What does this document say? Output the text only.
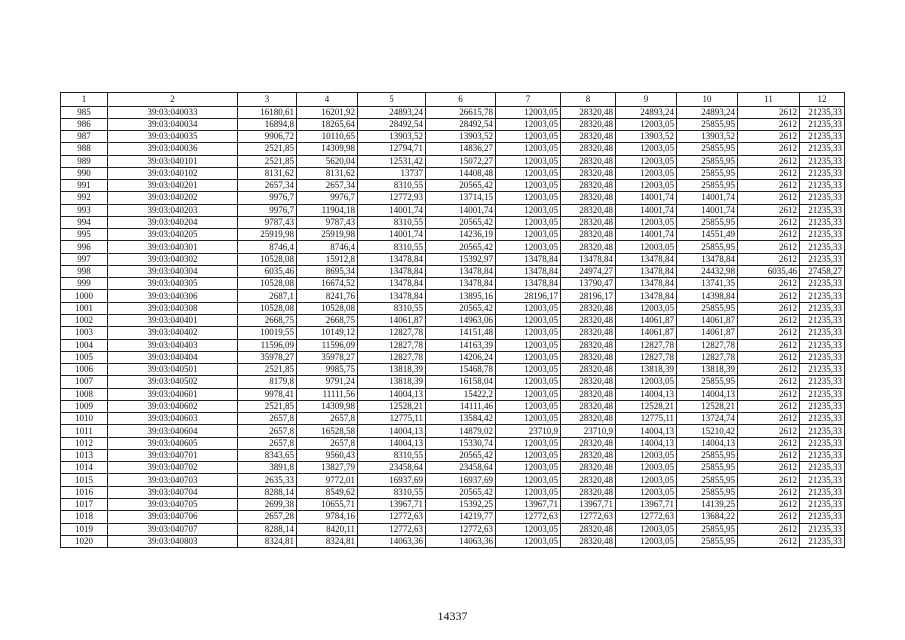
1	2	3	4	5	6	7	8	9	10	11	12
985	39:03:040033	16180,61	16201,92	24893,24	26615,78	12003,05	28320,48	24893,24	24893,24	2612	21235,33
986	39:03:040034	16894,8	18265,64	28492,54	28492,54	12003,05	28320,48	12003,05	25855,95	2612	21235,33
987	39:03:040035	9906,72	10110,65	13903,52	13903,52	12003,05	28320,48	13903,52	13903,52	2612	21235,33
988	39:03:040036	2521,85	14309,98	12794,71	14836,27	12003,05	28320,48	12003,05	25855,95	2612	21235,33
989	39:03:040101	2521,85	5620,04	12531,42	15072,27	12003,05	28320,48	12003,05	25855,95	2612	21235,33
990	39:03:040102	8131,62	8131,62	13737	14408,48	12003,05	28320,48	12003,05	25855,95	2612	21235,33
991	39:03:040201	2657,34	2657,34	8310,55	20565,42	12003,05	28320,48	12003,05	25855,95	2612	21235,33
992	39:03:040202	9976,7	9976,7	12772,93	13714,15	12003,05	28320,48	14001,74	14001,74	2612	21235,33
993	39:03:040203	9976,7	11904,18	14001,74	14001,74	12003,05	28320,48	14001,74	14001,74	2612	21235,33
994	39:03:040204	9787,43	9787,43	8310,55	20565,42	12003,05	28320,48	12003,05	25855,95	2612	21235,33
995	39:03:040205	25919,98	25919,98	14001,74	14236,19	12003,05	28320,48	14001,74	14551,49	2612	21235,33
996	39:03:040301	8746,4	8746,4	8310,55	20565,42	12003,05	28320,48	12003,05	25855,95	2612	21235,33
997	39:03:040302	10528,08	15912,8	13478,84	15392,97	13478,84	13478,84	13478,84	13478,84	2612	21235,33
998	39:03:040304	6035,46	8695,34	13478,84	13478,84	13478,84	24974,27	13478,84	24432,98	6035,46	27458,27
999	39:03:040305	10528,08	16674,52	13478,84	13478,84	13478,84	13790,47	13478,84	13741,35	2612	21235,33
1000	39:03:040306	2687,1	8241,76	13478,84	13895,16	28196,17	28196,17	13478,84	14398,84	2612	21235,33
1001	39:03:040308	10528,08	10528,08	8310,55	20565,42	12003,05	28320,48	12003,05	25855,95	2612	21235,33
1002	39:03:040401	2668,75	2668,75	14061,87	14963,06	12003,05	28320,48	14061,87	14061,87	2612	21235,33
1003	39:03:040402	10019,55	10149,12	12827,78	14151,48	12003,05	28320,48	14061,87	14061,87	2612	21235,33
1004	39:03:040403	11596,09	11596,09	12827,78	14163,39	12003,05	28320,48	12827,78	12827,78	2612	21235,33
1005	39:03:040404	35978,27	35978,27	12827,78	14206,24	12003,05	28320,48	12827,78	12827,78	2612	21235,33
1006	39:03:040501	2521,85	9985,75	13818,39	15468,78	12003,05	28320,48	13818,39	13818,39	2612	21235,33
1007	39:03:040502	8179,8	9791,24	13818,39	16158,04	12003,05	28320,48	12003,05	25855,95	2612	21235,33
1008	39:03:040601	9978,41	11111,56	14004,13	15422,2	12003,05	28320,48	14004,13	14004,13	2612	21235,33
1009	39:03:040602	2521,85	14309,98	12528,21	14111,46	12003,05	28320,48	12528,21	12528,21	2612	21235,33
1010	39:03:040603	2657,8	2657,8	12775,11	13584,42	12003,05	28320,48	12775,11	13724,74	2612	21235,33
1011	39:03:040604	2657,8	16528,58	14004,13	14879,02	23710,9	23710,9	14004,13	15210,42	2612	21235,33
1012	39:03:040605	2657,8	2657,8	14004,13	15330,74	12003,05	28320,48	14004,13	14004,13	2612	21235,33
1013	39:03:040701	8343,65	9560,43	8310,55	20565,42	12003,05	28320,48	12003,05	25855,95	2612	21235,33
1014	39:03:040702	3891,8	13827,79	23458,64	23458,64	12003,05	28320,48	12003,05	25855,95	2612	21235,33
1015	39:03:040703	2635,33	9772,01	16937,69	16937,69	12003,05	28320,48	12003,05	25855,95	2612	21235,33
1016	39:03:040704	8288,14	8549,62	8310,55	20565,42	12003,05	28320,48	12003,05	25855,95	2612	21235,33
1017	39:03:040705	2699,38	10655,71	13967,71	15392,25	13967,71	13967,71	13967,71	14139,25	2612	21235,33
1018	39:03:040706	2657,28	9784,16	12772,63	14219,77	12772,63	12772,63	12772,63	13684,22	2612	21235,33
1019	39:03:040707	8288,14	8420,11	12772,63	12772,63	12003,05	28320,48	12003,05	25855,95	2612	21235,33
1020	39:03:040803	8324,81	8324,81	14063,36	14063,36	12003,05	28320,48	12003,05	25855,95	2612	21235,33
14337
